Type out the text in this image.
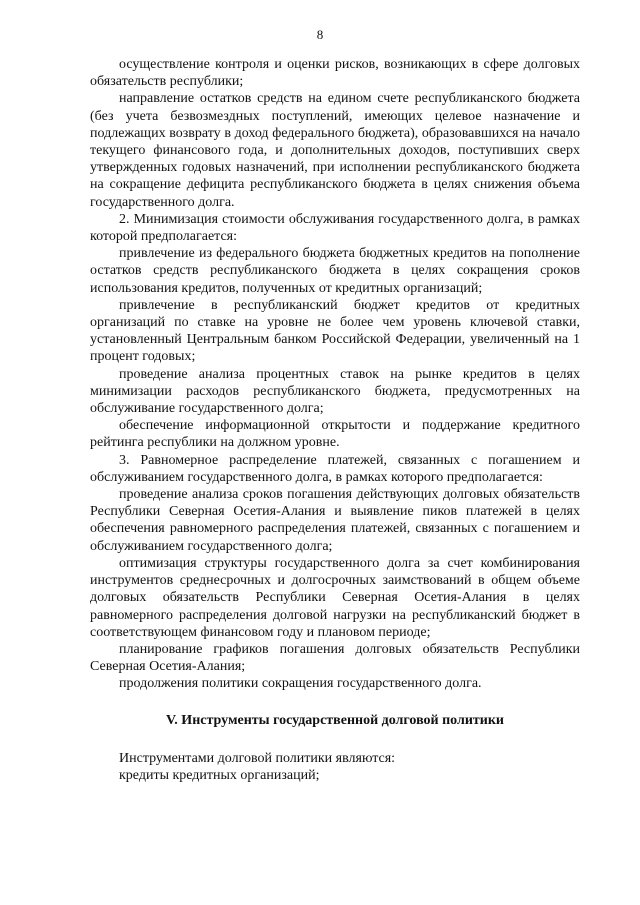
8

осуществление контроля и оценки рисков, возникающих в сфере долговых обязательств республики;

направление остатков средств на едином счете республиканского бюджета (без учета безвозмездных поступлений, имеющих целевое назначение и подлежащих возврату в доход федерального бюджета), образовавшихся на начало текущего финансового года, и дополнительных доходов, поступивших сверх утвержденных годовых назначений, при исполнении республиканского бюджета на сокращение дефицита республиканского бюджета в целях снижения объема государственного долга.

2. Минимизация стоимости обслуживания государственного долга, в рамках которой предполагается:

привлечение из федерального бюджета бюджетных кредитов на пополнение остатков средств республиканского бюджета в целях сокращения сроков использования кредитов, полученных от кредитных организаций;

привлечение в республиканский бюджет кредитов от кредитных организаций по ставке на уровне не более чем уровень ключевой ставки, установленный Центральным банком Российской Федерации, увеличенный на 1 процент годовых;

проведение анализа процентных ставок на рынке кредитов в целях минимизации расходов республиканского бюджета, предусмотренных на обслуживание государственного долга;

обеспечение информационной открытости и поддержание кредитного рейтинга республики на должном уровне.

3. Равномерное распределение платежей, связанных с погашением и обслуживанием государственного долга, в рамках которого предполагается:

проведение анализа сроков погашения действующих долговых обязательств Республики Северная Осетия-Алания и выявление пиков платежей в целях обеспечения равномерного распределения платежей, связанных с погашением и обслуживанием государственного долга;

оптимизация структуры государственного долга за счет комбинирования инструментов среднесрочных и долгосрочных заимствований в общем объеме долговых обязательств Республики Северная Осетия-Алания в целях равномерного распределения долговой нагрузки на республиканский бюджет в соответствующем финансовом году и плановом периоде;

планирование графиков погашения долговых обязательств Республики Северная Осетия-Алания;

продолжения политики сокращения государственного долга.

V. Инструменты государственной долговой политики

Инструментами долговой политики являются:

кредиты кредитных организаций;
